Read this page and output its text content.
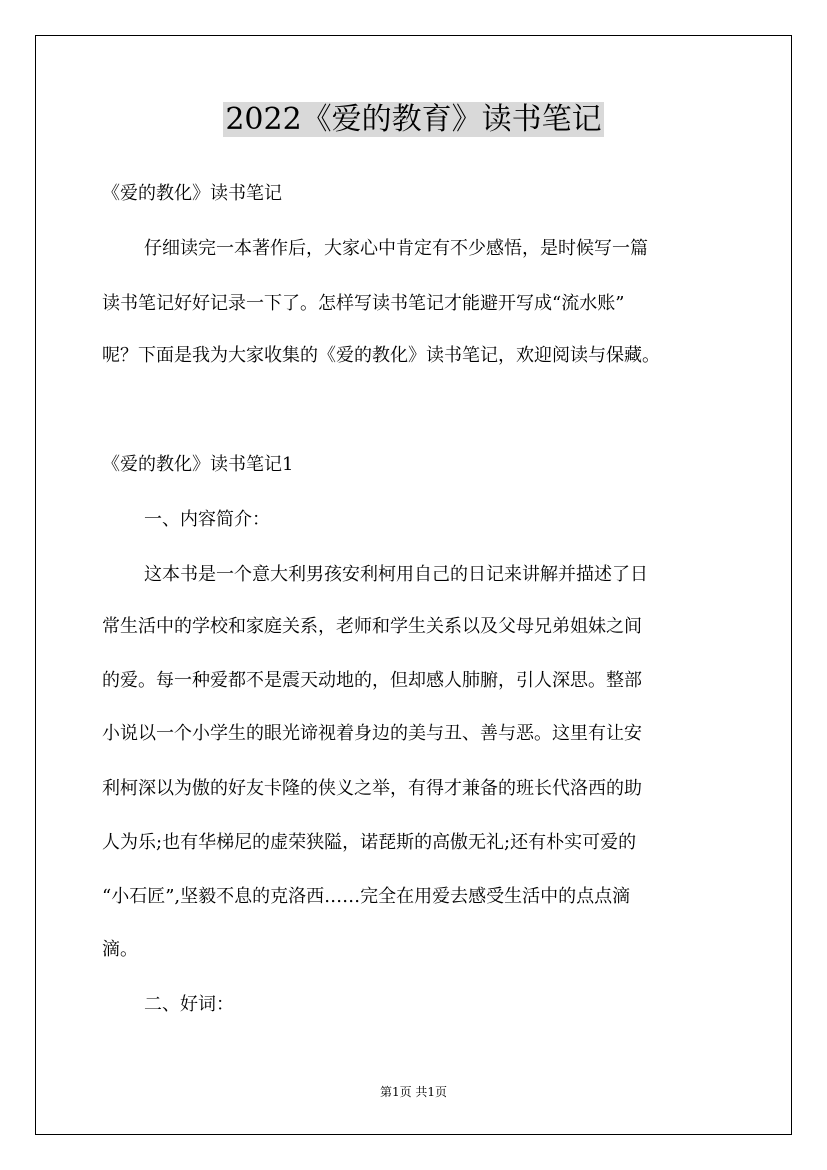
2022《爱的教育》读书笔记
《爱的教化》读书笔记
仔细读完一本著作后，大家心中肯定有不少感悟，是时候写一篇
读书笔记好好记录一下了。怎样写读书笔记才能避开写成“流水账”
呢？下面是我为大家收集的《爱的教化》读书笔记，欢迎阅读与保藏。
《爱的教化》读书笔记1
一、内容简介：
这本书是一个意大利男孩安利柯用自己的日记来讲解并描述了日
常生活中的学校和家庭关系，老师和学生关系以及父母兄弟姐妹之间
的爱。每一种爱都不是震天动地的，但却感人肺腑，引人深思。整部
小说以一个小学生的眼光谛视着身边的美与丑、善与恶。这里有让安
利柯深以为傲的好友卡隆的侠义之举，有得才兼备的班长代洛西的助
人为乐;也有华梯尼的虚荣狭隘，诺琵斯的高傲无礼;还有朴实可爱的
“小石匠”,坚毅不息的克洛西……完全在用爱去感受生活中的点点滴
滴。
二、好词：
第1页 共1页
